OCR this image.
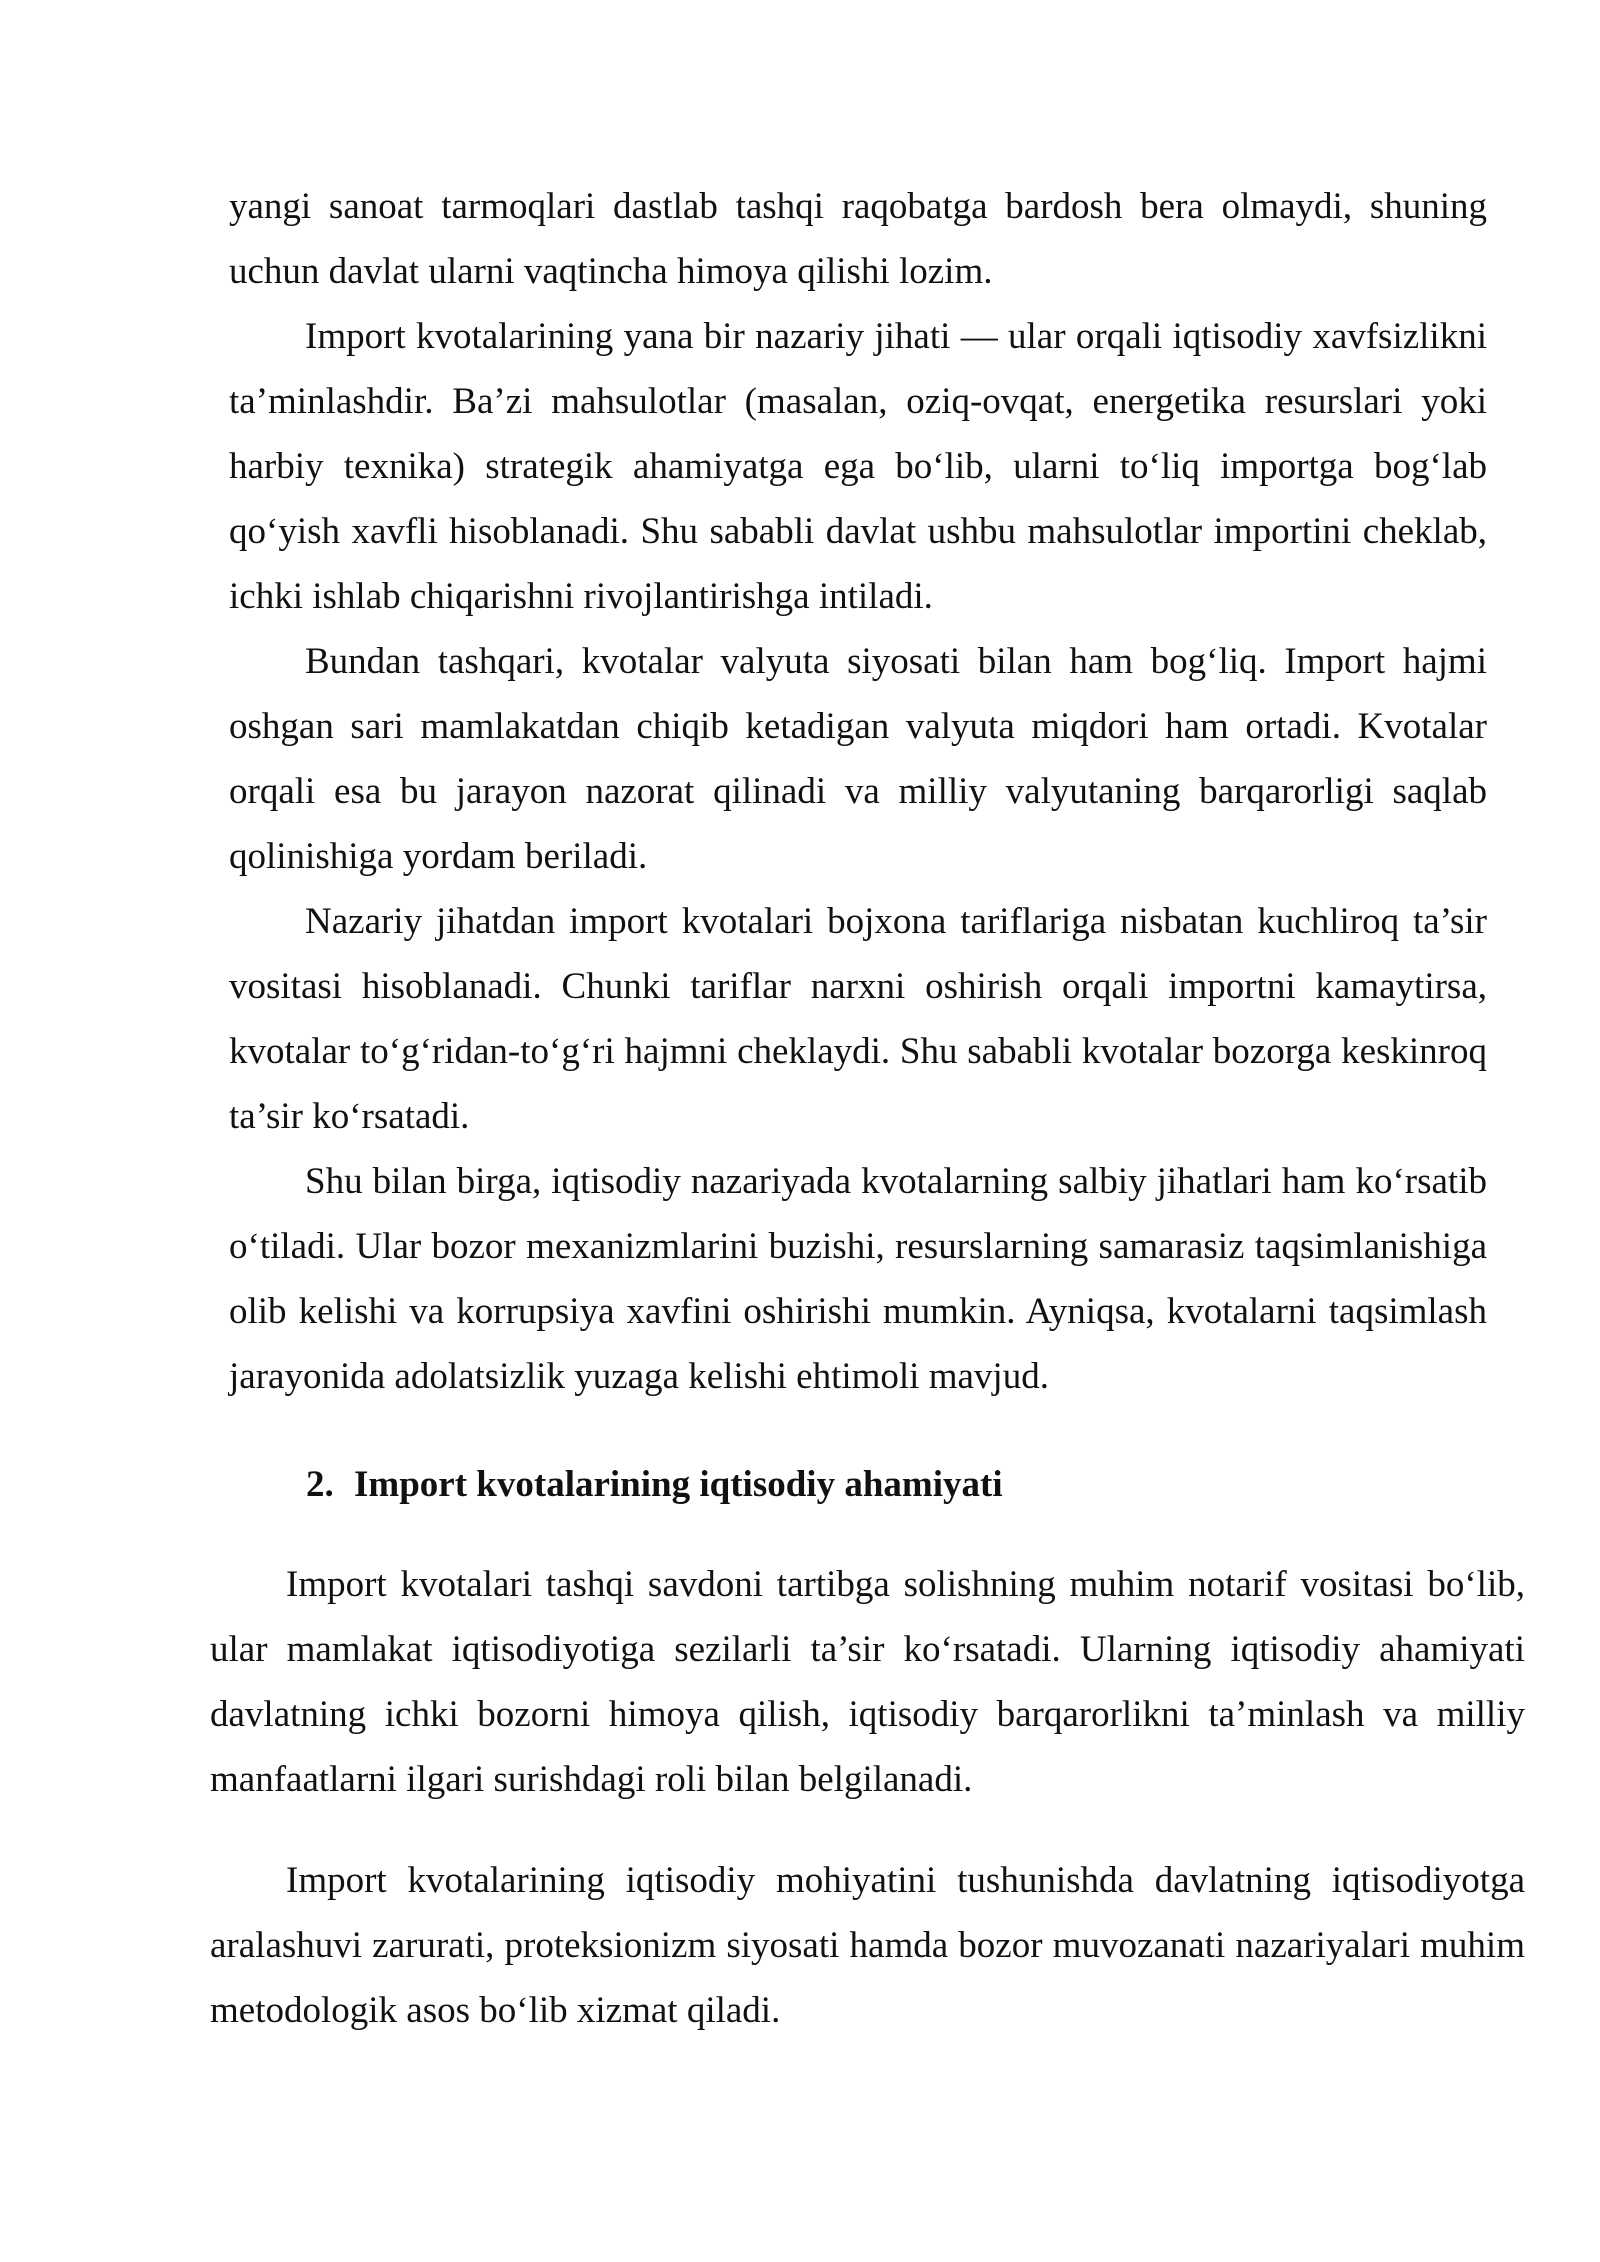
yangi sanoat tarmoqlari dastlab tashqi raqobatga bardosh bera olmaydi, shuning uchun davlat ularni vaqtincha himoya qilishi lozim.

Import kvotalarining yana bir nazariy jihati — ular orqali iqtisodiy xavfsizlikni ta’minlashdir. Ba’zi mahsulotlar (masalan, oziq-ovqat, energetika resurslari yoki harbiy texnika) strategik ahamiyatga ega bo‘lib, ularni to‘liq importga bog‘lab qo‘yish xavfli hisoblanadi. Shu sababli davlat ushbu mahsulotlar importini cheklab, ichki ishlab chiqarishni rivojlantirishga intiladi.

Bundan tashqari, kvotalar valyuta siyosati bilan ham bog‘liq. Import hajmi oshgan sari mamlakatdan chiqib ketadigan valyuta miqdori ham ortadi. Kvotalar orqali esa bu jarayon nazorat qilinadi va milliy valyutaning barqarorligi saqlab qolinishiga yordam beriladi.

Nazariy jihatdan import kvotalari bojxona tariflariga nisbatan kuchliroq ta’sir vositasi hisoblanadi. Chunki tariflar narxni oshirish orqali importni kamaytirsa, kvotalar to‘g‘ridan-to‘g‘ri hajmni cheklaydi. Shu sababli kvotalar bozorga keskinroq ta’sir ko‘rsatadi.

Shu bilan birga, iqtisodiy nazariyada kvotalarning salbiy jihatlari ham ko‘rsatib o‘tiladi. Ular bozor mexanizmlarini buzishi, resurslarning samarasiz taqsimlanishiga olib kelishi va korrupsiya xavfini oshirishi mumkin. Ayniqsa, kvotalarni taqsimlash jarayonida adolatsizlik yuzaga kelishi ehtimoli mavjud.

2. Import kvotalarining iqtisodiy ahamiyati

Import kvotalari tashqi savdoni tartibga solishning muhim notarif vositasi bo‘lib, ular mamlakat iqtisodiyotiga sezilarli ta’sir ko‘rsatadi. Ularning iqtisodiy ahamiyati davlatning ichki bozorni himoya qilish, iqtisodiy barqarorlikni ta’minlash va milliy manfaatlarni ilgari surishdagi roli bilan belgilanadi.

Import kvotalarining iqtisodiy mohiyatini tushunishda davlatning iqtisodiyotga aralashuvi zarurati, proteksionizm siyosati hamda bozor muvozanati nazariyalari muhim metodologik asos bo‘lib xizmat qiladi.
